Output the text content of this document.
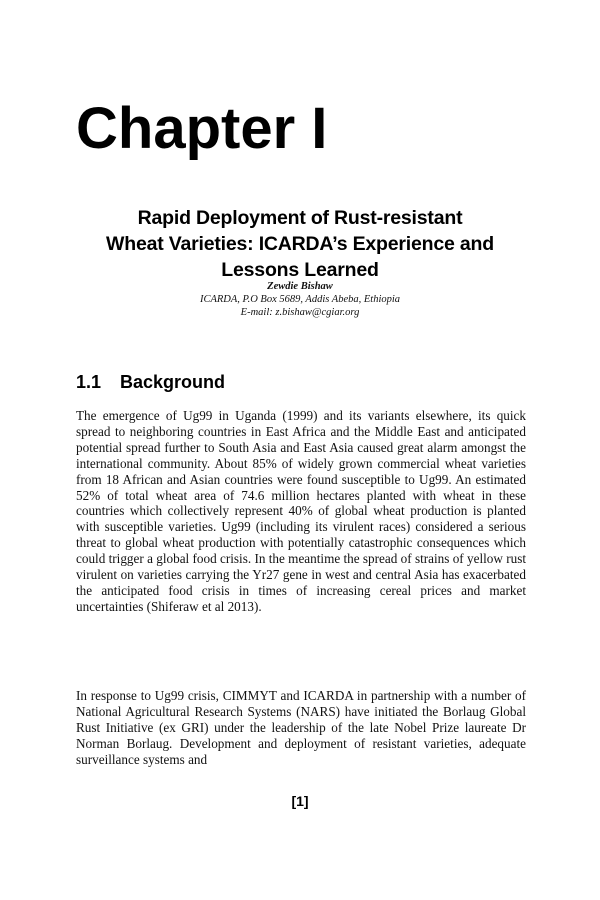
Chapter I
Rapid Deployment of Rust-resistant
Wheat Varieties: ICARDA’s Experience and
Lessons Learned
Zewdie Bishaw
ICARDA, P.O Box 5689, Addis Abeba, Ethiopia
E-mail: z.bishaw@cgiar.org
1.1 Background

The emergence of Ug99 in Uganda (1999) and its variants elsewhere, its quick spread to neighboring countries in East Africa and the Middle East and anticipated potential spread further to South Asia and East Asia caused great alarm amongst the international community. About 85% of widely grown commercial wheat varieties from 18 African and Asian countries were found susceptible to Ug99. An estimated 52% of total wheat area of 74.6 million hectares planted with wheat in these countries which collectively represent 40% of global wheat production is planted with susceptible varieties. Ug99 (including its virulent races) considered a serious threat to global wheat production with potentially catastrophic consequences which could trigger a global food crisis. In the meantime the spread of strains of yellow rust virulent on varieties carrying the Yr27 gene in west and central Asia has exacerbated the anticipated food crisis in times of increasing cereal prices and market uncertainties (Shiferaw et al 2013).

In response to Ug99 crisis, CIMMYT and ICARDA in partnership with a number of National Agricultural Research Systems (NARS) have initiated the Borlaug Global Rust Initiative (ex GRI) under the leadership of the late Nobel Prize laureate Dr Norman Borlaug. Development and deployment of resistant varieties, adequate surveillance systems and

[1]
